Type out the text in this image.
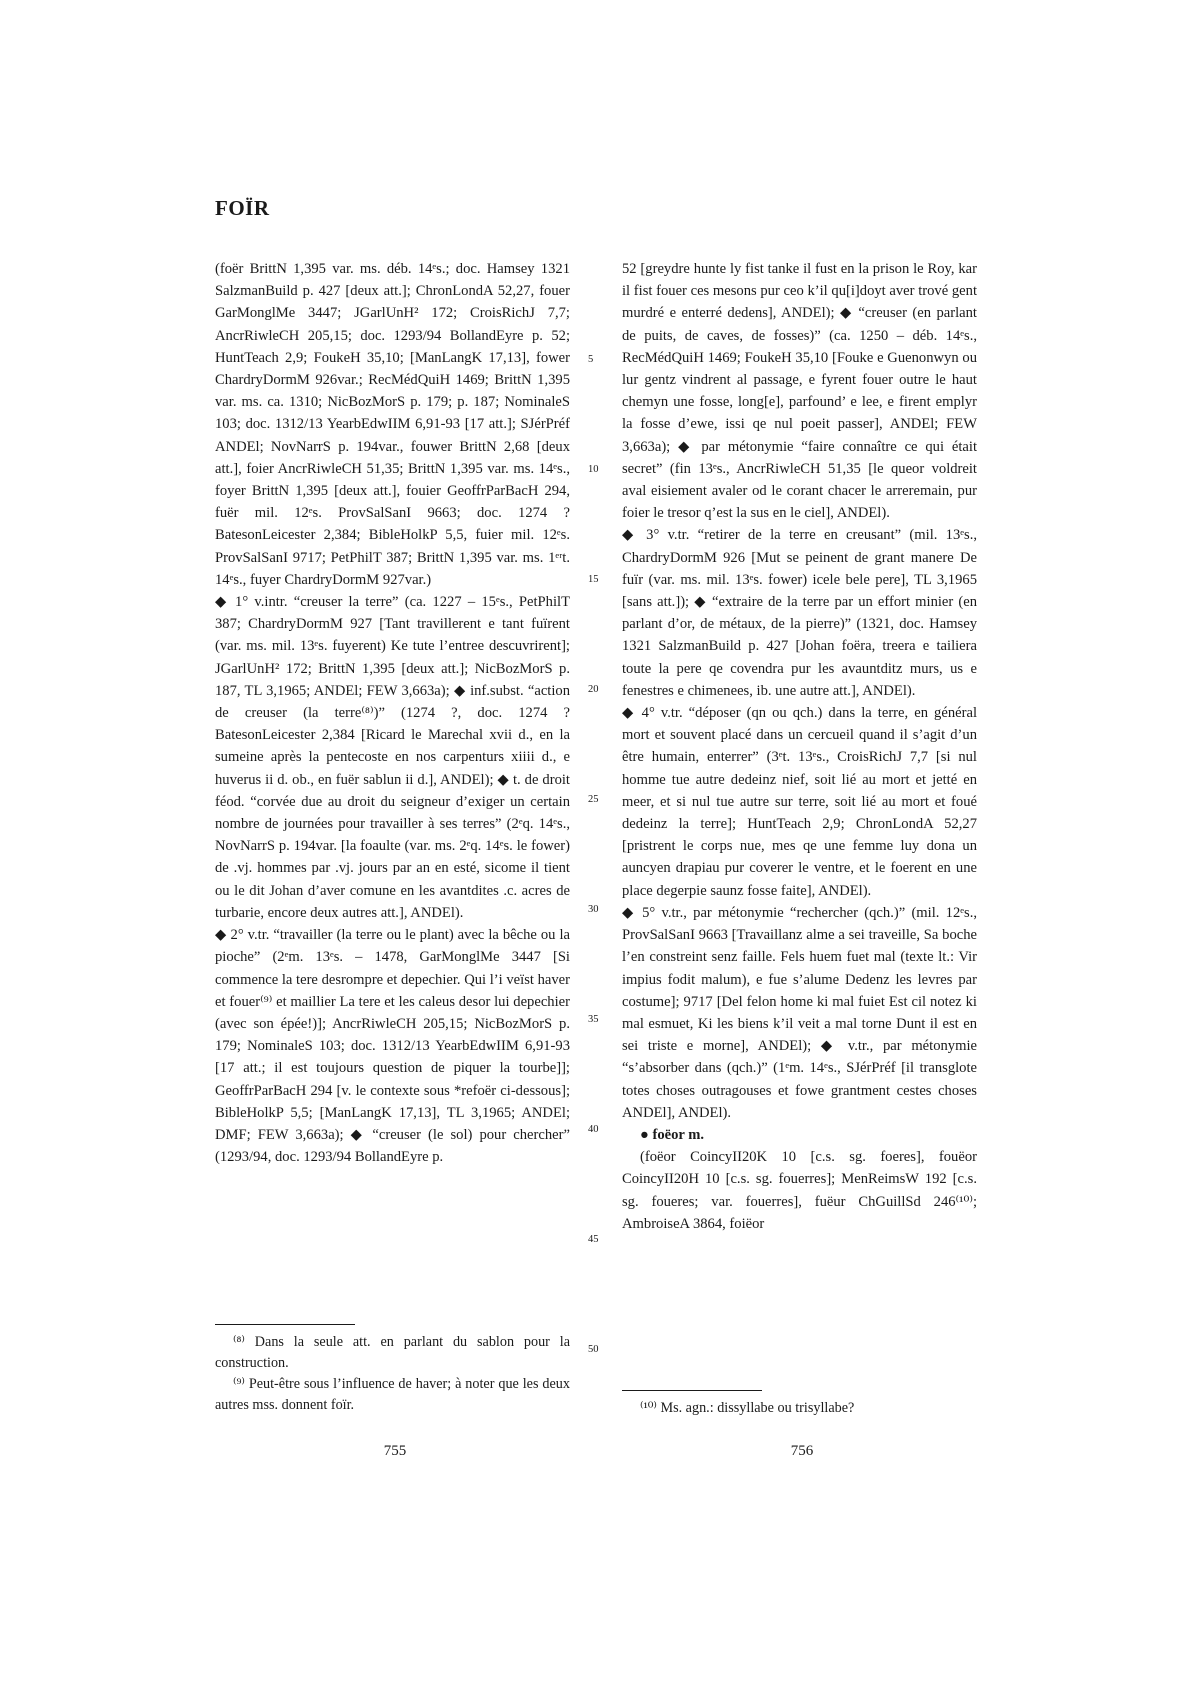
FOÏR

(foër BrittN 1,395 var. ms. déb. 14ᵉs.; doc. Hamsey 1321 SalzmanBuild p. 427 [deux att.]; ChronLondA 52,27, fouer GarMonglMe 3447; JGarlUnH² 172; CroisRichJ 7,7; AncrRiwleCH 205,15; doc. 1293/94 BollandEyre p. 52; HuntTeach 2,9; FoukeH 35,10; [ManLangK 17,13], fower ChardryDormM 926var.; RecMédQuiH 1469; BrittN 1,395 var. ms. ca. 1310; NicBozMorS p. 179; p. 187; NominaleS 103; doc. 1312/13 YearbEdwIIM 6,91-93 [17 att.]; SJérPréf ANDEl; NovNarrS p. 194var., fouwer BrittN 2,68 [deux att.], foier AncrRiwleCH 51,35; BrittN 1,395 var. ms. 14ᵉs., foyer BrittN 1,395 [deux att.], fouier GeoffrParBacH 294, fuër mil. 12ᵉs. ProvSalSanI 9663; doc. 1274 ? BatesonLeicester 2,384; BibleHolkP 5,5, fuier mil. 12ᵉs. ProvSalSanI 9717; PetPhilT 387; BrittN 1,395 var. ms. 1ᵉʳt. 14ᵉs., fuyer ChardryDormM 927var.)

◆ 1° v.intr. “creuser la terre” (ca. 1227 – 15ᵉs., PetPhilT 387; ChardryDormM 927 [Tant travillerent e tant fuïrent (var. ms. mil. 13ᵉs. fuyerent) Ke tute l’entree descuvrirent]; JGarlUnH² 172; BrittN 1,395 [deux att.]; NicBozMorS p. 187, TL 3,1965; ANDEl; FEW 3,663a); ◆ inf.subst. “action de creuser (la terre⁽⁸⁾)” (1274 ?, doc. 1274 ? BatesonLeicester 2,384 [Ricard le Marechal xvii d., en la sumeine après la pentecoste en nos carpenturs xiiii d., e huverus ii d. ob., en fuër sablun ii d.], ANDEl); ◆ t. de droit féod. “corvée due au droit du seigneur d’exiger un certain nombre de journées pour travailler à ses terres” (2ᵉq. 14ᵉs., NovNarrS p. 194var. [la foaulte (var. ms. 2ᵉq. 14ᵉs. le fower) de .vj. hommes par .vj. jours par an en esté, sicome il tient ou le dit Johan d’aver comune en les avantdites .c. acres de turbarie, encore deux autres att.], ANDEl).

◆ 2° v.tr. “travailler (la terre ou le plant) avec la bêche ou la pioche” (2ᵉm. 13ᵉs. – 1478, GarMonglMe 3447 [Si commence la tere desrompre et depechier. Qui l’i veïst haver et fouer⁽⁹⁾ et maillier La tere et les caleus desor lui depechier (avec son épée!)]; AncrRiwleCH 205,15; NicBozMorS p. 179; NominaleS 103; doc. 1312/13 YearbEdwIIM 6,91-93 [17 att.; il est toujours question de piquer la tourbe]]; GeoffrParBacH 294 [v. le contexte sous *refoër ci-dessous]; BibleHolkP 5,5; [ManLangK 17,13], TL 3,1965; ANDEl; DMF; FEW 3,663a); ◆ “creuser (le sol) pour chercher” (1293/94, doc. 1293/94 BollandEyre p.

5
10
15
20
25
30
35
40
45
50

52 [greydre hunte ly fist tanke il fust en la prison le Roy, kar il fist fouer ces mesons pur ceo k’il qu[i]doyt aver trové gent murdré e enterré dedens], ANDEl); ◆ “creuser (en parlant de puits, de caves, de fosses)” (ca. 1250 – déb. 14ᵉs., RecMédQuiH 1469; FoukeH 35,10 [Fouke e Guenonwyn ou lur gentz vindrent al passage, e fyrent fouer outre le haut chemyn une fosse, long[e], parfound’ e lee, e firent emplyr la fosse d’ewe, issi qe nul poeit passer], ANDEl; FEW 3,663a); ◆ par métonymie “faire connaître ce qui était secret” (fin 13ᵉs., AncrRiwleCH 51,35 [le queor voldreit aval eisiement avaler od le corant chacer le arreremain, pur foier le tresor q’est la sus en le ciel], ANDEl).

◆ 3° v.tr. “retirer de la terre en creusant” (mil. 13ᵉs., ChardryDormM 926 [Mut se peinent de grant manere De fuïr (var. ms. mil. 13ᵉs. fower) icele bele pere], TL 3,1965 [sans att.]); ◆ “extraire de la terre par un effort minier (en parlant d’or, de métaux, de la pierre)” (1321, doc. Hamsey 1321 SalzmanBuild p. 427 [Johan foëra, treera e tailiera toute la pere qe covendra pur les avauntditz murs, us e fenestres e chimenees, ib. une autre att.], ANDEl).

◆ 4° v.tr. “déposer (qn ou qch.) dans la terre, en général mort et souvent placé dans un cercueil quand il s’agit d’un être humain, enterrer” (3ᵉt. 13ᵉs., CroisRichJ 7,7 [si nul homme tue autre dedeinz nief, soit lié au mort et jetté en meer, et si nul tue autre sur terre, soit lié au mort et foué dedeinz la terre]; HuntTeach 2,9; ChronLondA 52,27 [pristrent le corps nue, mes qe une femme luy dona un auncyen drapiau pur coverer le ventre, et le foerent en une place degerpie saunz fosse faite], ANDEl).

◆ 5° v.tr., par métonymie “rechercher (qch.)” (mil. 12ᵉs., ProvSalSanI 9663 [Travaillanz alme a sei traveille, Sa boche l’en constreint senz faille. Fels huem fuet mal (texte lt.: Vir impius fodit malum), e fue s’alume Dedenz les levres par costume]; 9717 [Del felon home ki mal fuiet Est cil notez ki mal esmuet, Ki les biens k’il veit a mal torne Dunt il est en sei triste e morne], ANDEl); ◆ v.tr., par métonymie “s’absorber dans (qch.)” (1ᵉm. 14ᵉs., SJérPréf [il transglote totes choses outragouses et fowe grantment cestes choses ANDEl], ANDEl).

● foëor m.

(foëor CoincyII20K 10 [c.s. sg. foeres], fouëor CoincyII20H 10 [c.s. sg. fouerres]; MenReimsW 192 [c.s. sg. foueres; var. fouerres], fuëur ChGuillSd 246⁽¹⁰⁾; AmbroiseA 3864, foiëor

⁽⁸⁾ Dans la seule att. en parlant du sablon pour la construction.

⁽⁹⁾ Peut-être sous l’influence de haver; à noter que les deux autres mss. donnent foïr.	⁽¹⁰⁾ Ms. agn.: dissyllabe ou trisyllabe?

755	756
